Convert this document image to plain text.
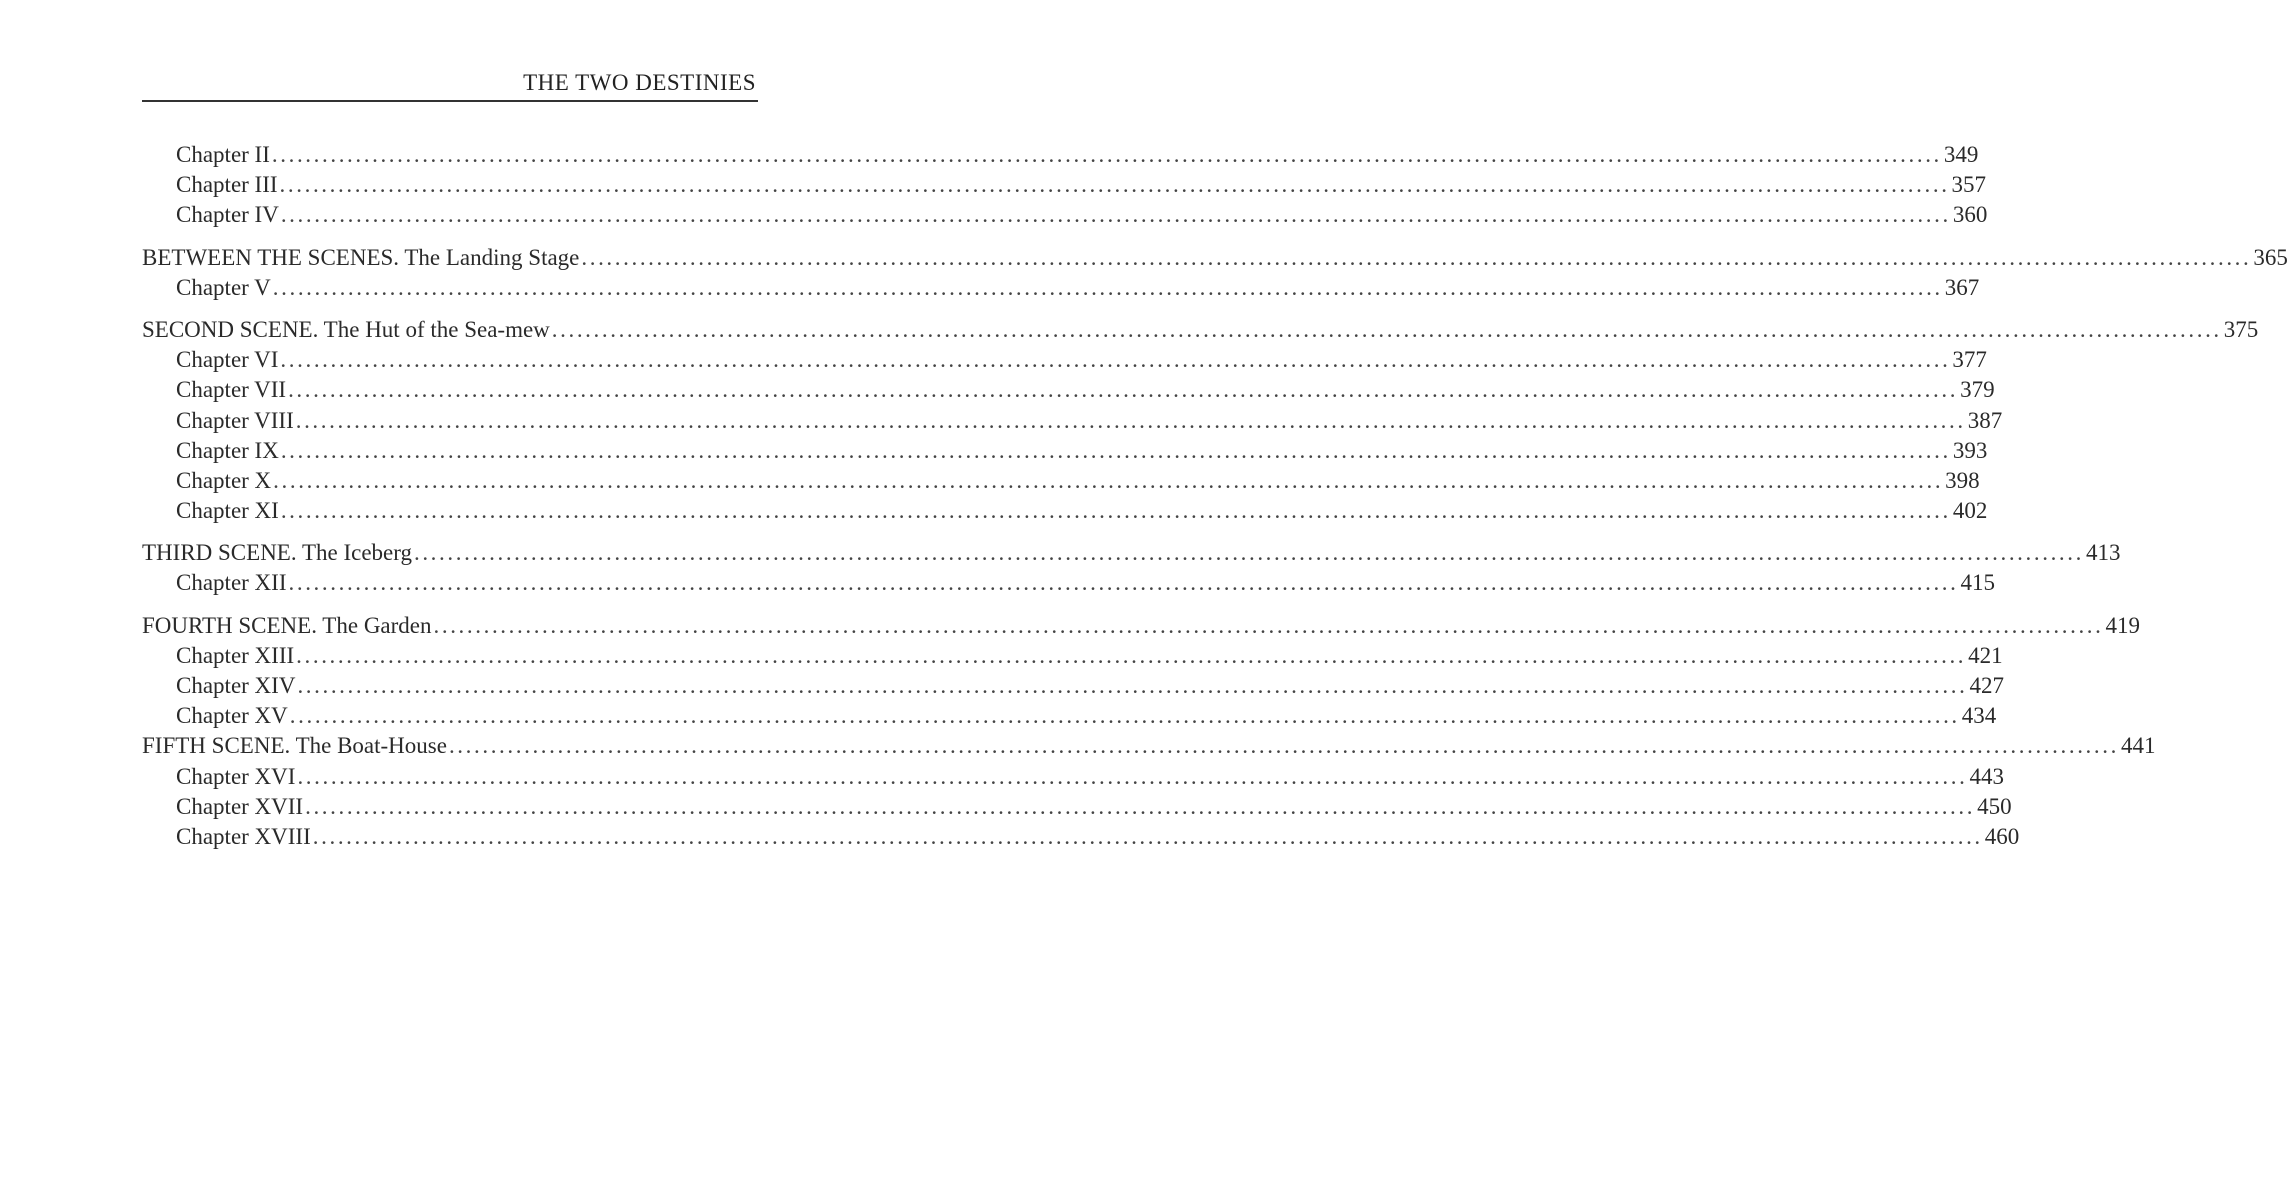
THE TWO DESTINIES
Chapter II ........................................................................................................................................................................................................ 349
Chapter III ........................................................................................................................................................................................................ 357
Chapter IV ........................................................................................................................................................................................................ 360
BETWEEN THE SCENES. The Landing Stage ........................................................................................................................................................................................................ 365
Chapter V ........................................................................................................................................................................................................ 367
SECOND SCENE. The Hut of the Sea-mew ........................................................................................................................................................................................................ 375
Chapter VI ........................................................................................................................................................................................................ 377
Chapter VII ........................................................................................................................................................................................................ 379
Chapter VIII ........................................................................................................................................................................................................ 387
Chapter IX ........................................................................................................................................................................................................ 393
Chapter X ........................................................................................................................................................................................................ 398
Chapter XI ........................................................................................................................................................................................................ 402
THIRD SCENE. The Iceberg ........................................................................................................................................................................................................ 413
Chapter XII ........................................................................................................................................................................................................ 415
FOURTH SCENE. The Garden ........................................................................................................................................................................................................ 419
Chapter XIII ........................................................................................................................................................................................................ 421
Chapter XIV ........................................................................................................................................................................................................ 427
Chapter XV ........................................................................................................................................................................................................ 434
FIFTH SCENE. The Boat-House ........................................................................................................................................................................................................ 441
Chapter XVI ........................................................................................................................................................................................................ 443
Chapter XVII ........................................................................................................................................................................................................ 450
Chapter XVIII ........................................................................................................................................................................................................ 460
